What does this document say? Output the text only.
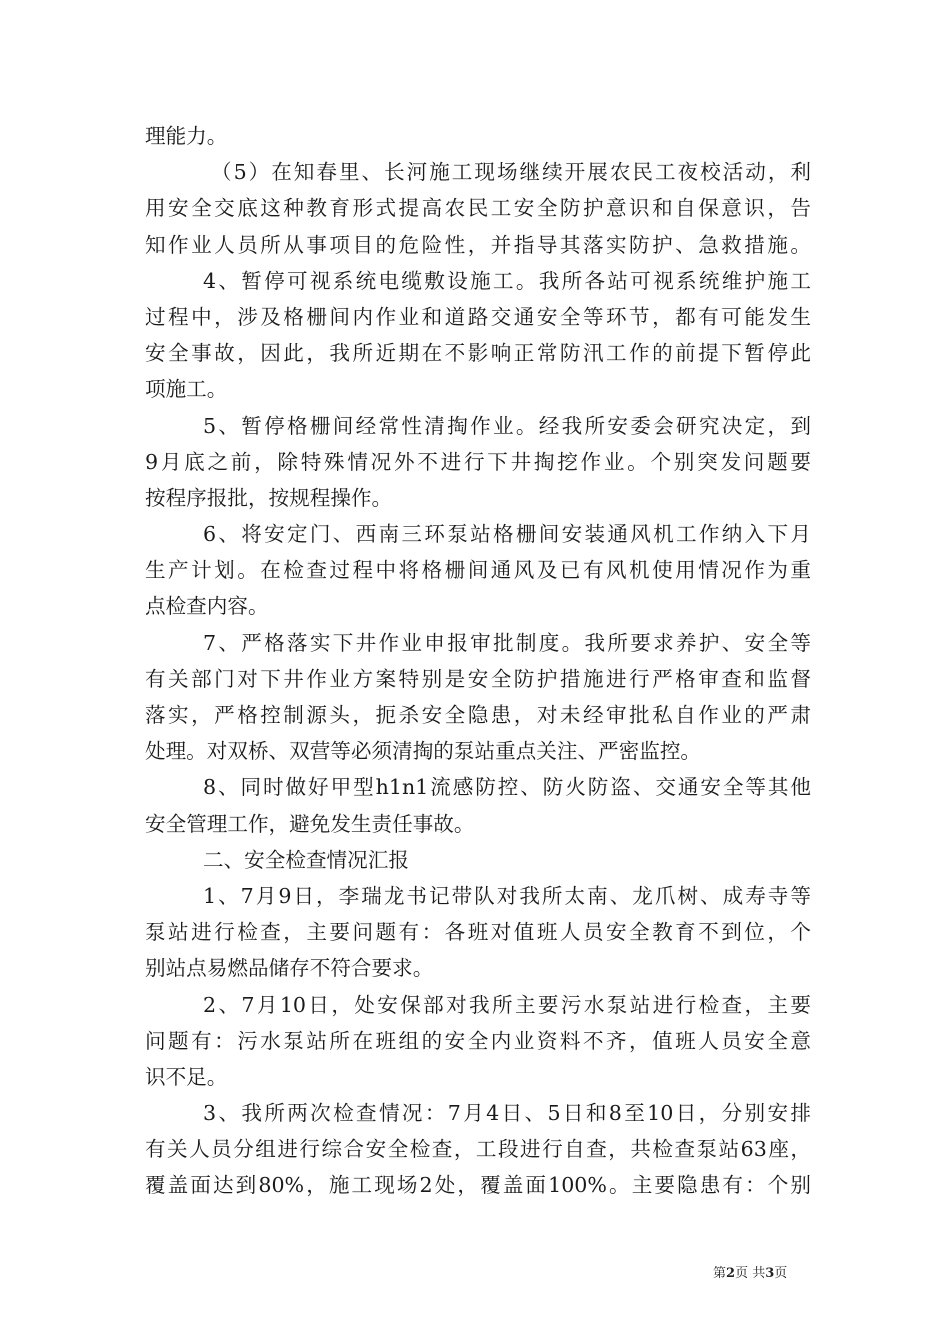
理能力。
（5）在知春里、长河施工现场继续开展农民工夜校活动，利
用安全交底这种教育形式提高农民工安全防护意识和自保意识，告
知作业人员所从事项目的危险性，并指导其落实防护、急救措施。
4、暂停可视系统电缆敷设施工。我所各站可视系统维护施工
过程中，涉及格栅间内作业和道路交通安全等环节，都有可能发生
安全事故，因此，我所近期在不影响正常防汛工作的前提下暂停此
项施工。
5、暂停格栅间经常性清掏作业。经我所安委会研究决定，到
9月底之前，除特殊情况外不进行下井掏挖作业。个别突发问题要
按程序报批，按规程操作。
6、将安定门、西南三环泵站格栅间安装通风机工作纳入下月
生产计划。在检查过程中将格栅间通风及已有风机使用情况作为重
点检查内容。
7、严格落实下井作业申报审批制度。我所要求养护、安全等
有关部门对下井作业方案特别是安全防护措施进行严格审查和监督
落实，严格控制源头，扼杀安全隐患，对未经审批私自作业的严肃
处理。对双桥、双营等必须清掏的泵站重点关注、严密监控。
8、同时做好甲型h1n1流感防控、防火防盗、交通安全等其他
安全管理工作，避免发生责任事故。
二、安全检查情况汇报
1、7月9日，李瑞龙书记带队对我所太南、龙爪树、成寿寺等
泵站进行检查，主要问题有：各班对值班人员安全教育不到位，个
别站点易燃品储存不符合要求。
2、7月10日，处安保部对我所主要污水泵站进行检查，主要
问题有：污水泵站所在班组的安全内业资料不齐，值班人员安全意
识不足。
3、我所两次检查情况：7月4日、5日和8至10日，分别安排
有关人员分组进行综合安全检查，工段进行自查，共检查泵站63座，
覆盖面达到80%，施工现场2处，覆盖面100%。主要隐患有：个别
第2页 共3页
